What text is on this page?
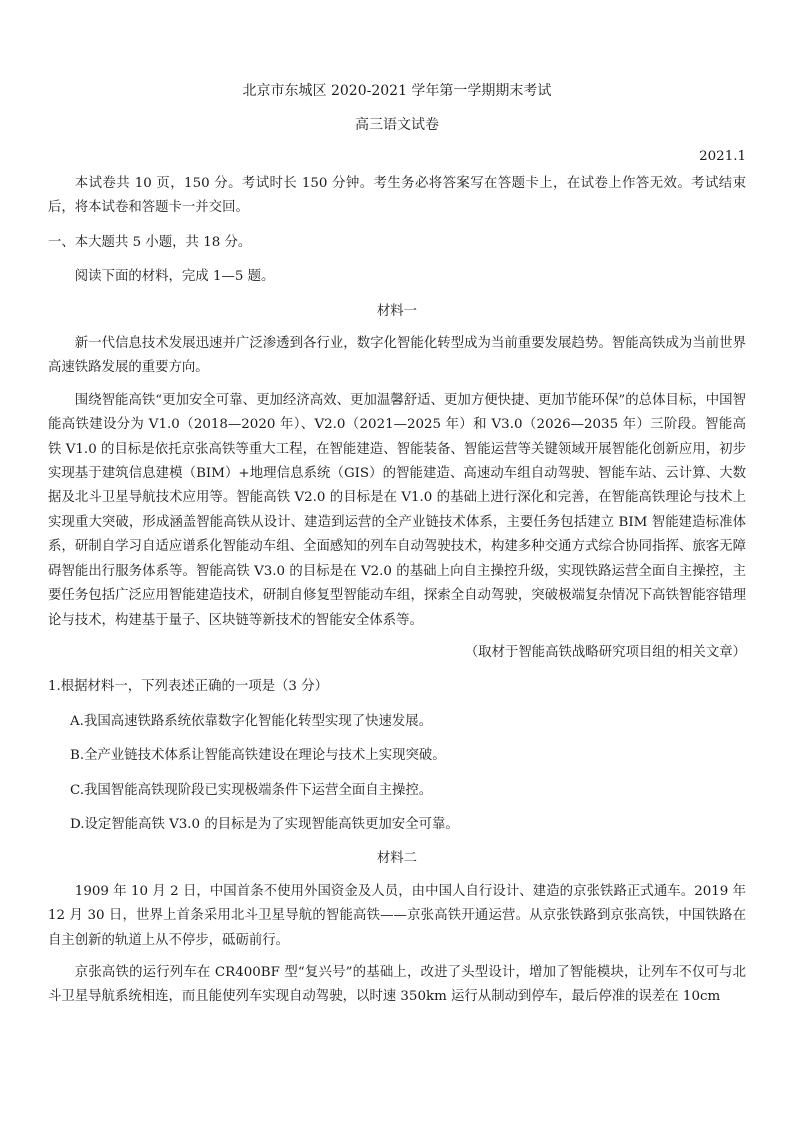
北京市东城区 2020-2021 学年第一学期期末考试
高三语文试卷
2021.1

本试卷共 10 页，150 分。考试时长 150 分钟。考生务必将答案写在答题卡上，在试卷上作答无效。考试结束后，将本试卷和答题卡一并交回。

一、本大题共 5 小题，共 18 分。

阅读下面的材料，完成 1—5 题。

材料一

新一代信息技术发展迅速并广泛渗透到各行业，数字化智能化转型成为当前重要发展趋势。智能高铁成为当前世界高速铁路发展的重要方向。

围绕智能高铁“更加安全可靠、更加经济高效、更加温馨舒适、更加方便快捷、更加节能环保”的总体目标，中国智能高铁建设分为 V1.0（2018—2020 年）、V2.0（2021—2025 年）和 V3.0（2026—2035 年）三阶段。智能高铁 V1.0 的目标是依托京张高铁等重大工程，在智能建造、智能装备、智能运营等关键领域开展智能化创新应用，初步实现基于建筑信息建模（BIM）+地理信息系统（GIS）的智能建造、高速动车组自动驾驶、智能车站、云计算、大数据及北斗卫星导航技术应用等。智能高铁 V2.0 的目标是在 V1.0 的基础上进行深化和完善，在智能高铁理论与技术上实现重大突破，形成涵盖智能高铁从设计、建造到运营的全产业链技术体系，主要任务包括建立 BIM 智能建造标准体系，研制自学习自适应谱系化智能动车组、全面感知的列车自动驾驶技术，构建多种交通方式综合协同指挥、旅客无障碍智能出行服务体系等。智能高铁 V3.0 的目标是在 V2.0 的基础上向自主操控升级，实现铁路运营全面自主操控，主要任务包括广泛应用智能建造技术，研制自修复型智能动车组，探索全自动驾驶，突破极端复杂情况下高铁智能容错理论与技术，构建基于量子、区块链等新技术的智能安全体系等。

（取材于智能高铁战略研究项目组的相关文章）
1.根据材料一，下列表述正确的一项是（3 分）
A.我国高速铁路系统依靠数字化智能化转型实现了快速发展。
B.全产业链技术体系让智能高铁建设在理论与技术上实现突破。
C.我国智能高铁现阶段已实现极端条件下运营全面自主操控。
D.设定智能高铁 V3.0 的目标是为了实现智能高铁更加安全可靠。
材料二

1909 年 10 月 2 日，中国首条不使用外国资金及人员，由中国人自行设计、建造的京张铁路正式通车。2019 年 12 月 30 日，世界上首条采用北斗卫星导航的智能高铁——京张高铁开通运营。从京张铁路到京张高铁，中国铁路在自主创新的轨道上从不停步，砥砺前行。

京张高铁的运行列车在 CR400BF 型“复兴号”的基础上，改进了头型设计，增加了智能模块，让列车不仅可与北斗卫星导航系统相连，而且能使列车实现自动驾驶，以时速 350km 运行从制动到停车，最后停准的误差在 10cm
